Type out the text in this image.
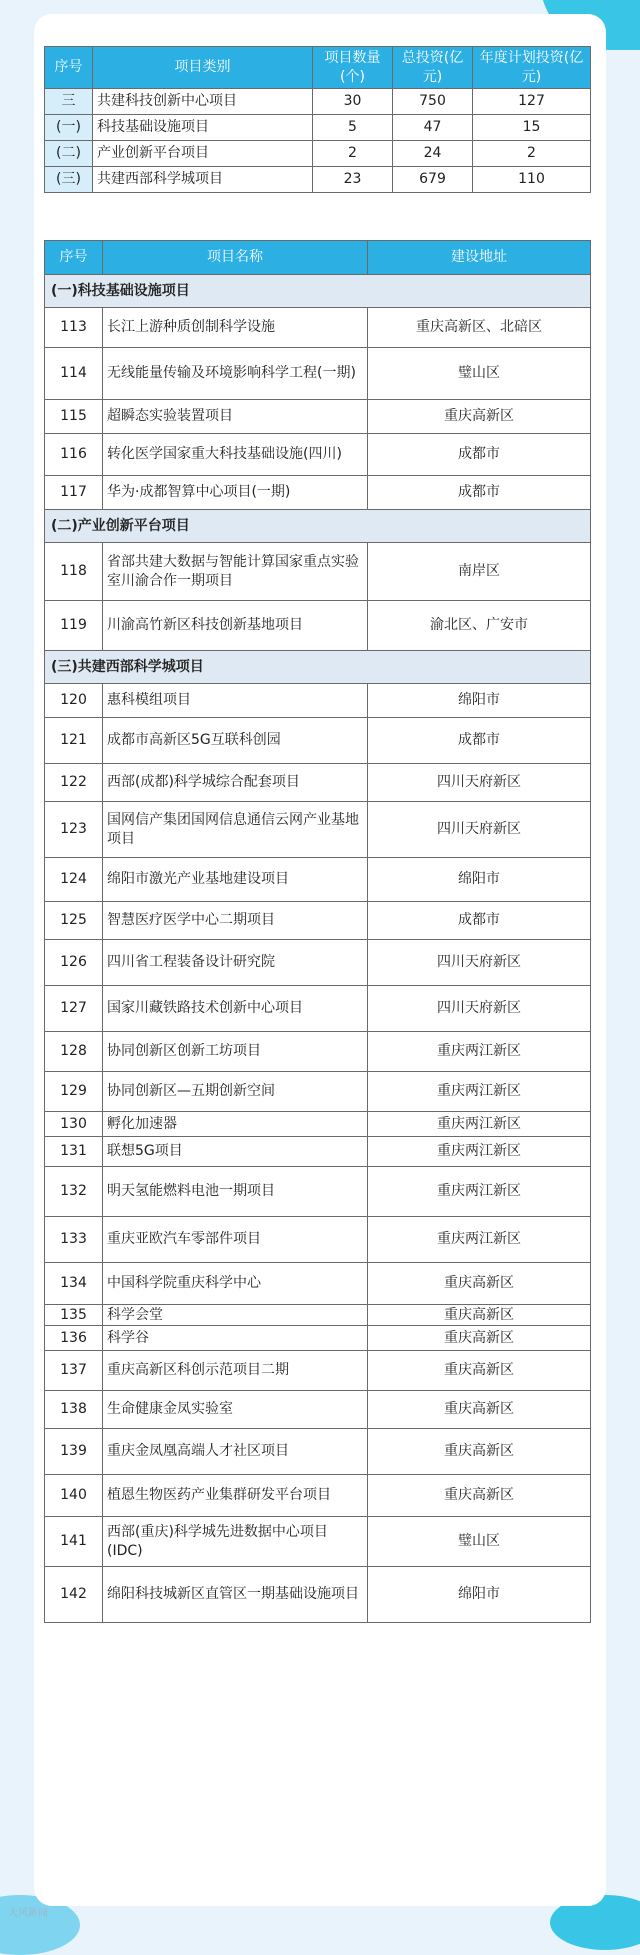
序号	项目类别	项目数量(个)	总投资(亿元)	年度计划投资(亿元)
三	共建科技创新中心项目	30	750	127
(一)	科技基础设施项目	5	47	15
(二)	产业创新平台项目	2	24	2
(三)	共建西部科学城项目	23	679	110
序号	项目名称	建设地址
(一)科技基础设施项目		
113	长江上游种质创制科学设施	重庆高新区、北碚区
114	无线能量传输及环境影响科学工程(一期)	璧山区
115	超瞬态实验装置项目	重庆高新区
116	转化医学国家重大科技基础设施(四川)	成都市
117	华为·成都智算中心项目(一期)	成都市
(二)产业创新平台项目		
118	省部共建大数据与智能计算国家重点实验室川渝合作一期项目	南岸区
119	川渝高竹新区科技创新基地项目	渝北区、广安市
(三)共建西部科学城项目		
120	惠科模组项目	绵阳市
121	成都市高新区5G互联科创园	成都市
122	西部(成都)科学城综合配套项目	四川天府新区
123	国网信产集团国网信息通信云网产业基地项目	四川天府新区
124	绵阳市激光产业基地建设项目	绵阳市
125	智慧医疗医学中心二期项目	成都市
126	四川省工程装备设计研究院	四川天府新区
127	国家川藏铁路技术创新中心项目	四川天府新区
128	协同创新区创新工坊项目	重庆两江新区
129	协同创新区—五期创新空间	重庆两江新区
130	孵化加速器	重庆两江新区
131	联想5G项目	重庆两江新区
132	明天氢能燃料电池一期项目	重庆两江新区
133	重庆亚欧汽车零部件项目	重庆两江新区
134	中国科学院重庆科学中心	重庆高新区
135	科学会堂	重庆高新区
136	科学谷	重庆高新区
137	重庆高新区科创示范项目二期	重庆高新区
138	生命健康金凤实验室	重庆高新区
139	重庆金凤凰高端人才社区项目	重庆高新区
140	植恩生物医药产业集群研发平台项目	重庆高新区
141	西部(重庆)科学城先进数据中心项目(IDC)	璧山区
142	绵阳科技城新区直管区一期基础设施项目	绵阳市
大风新闻
